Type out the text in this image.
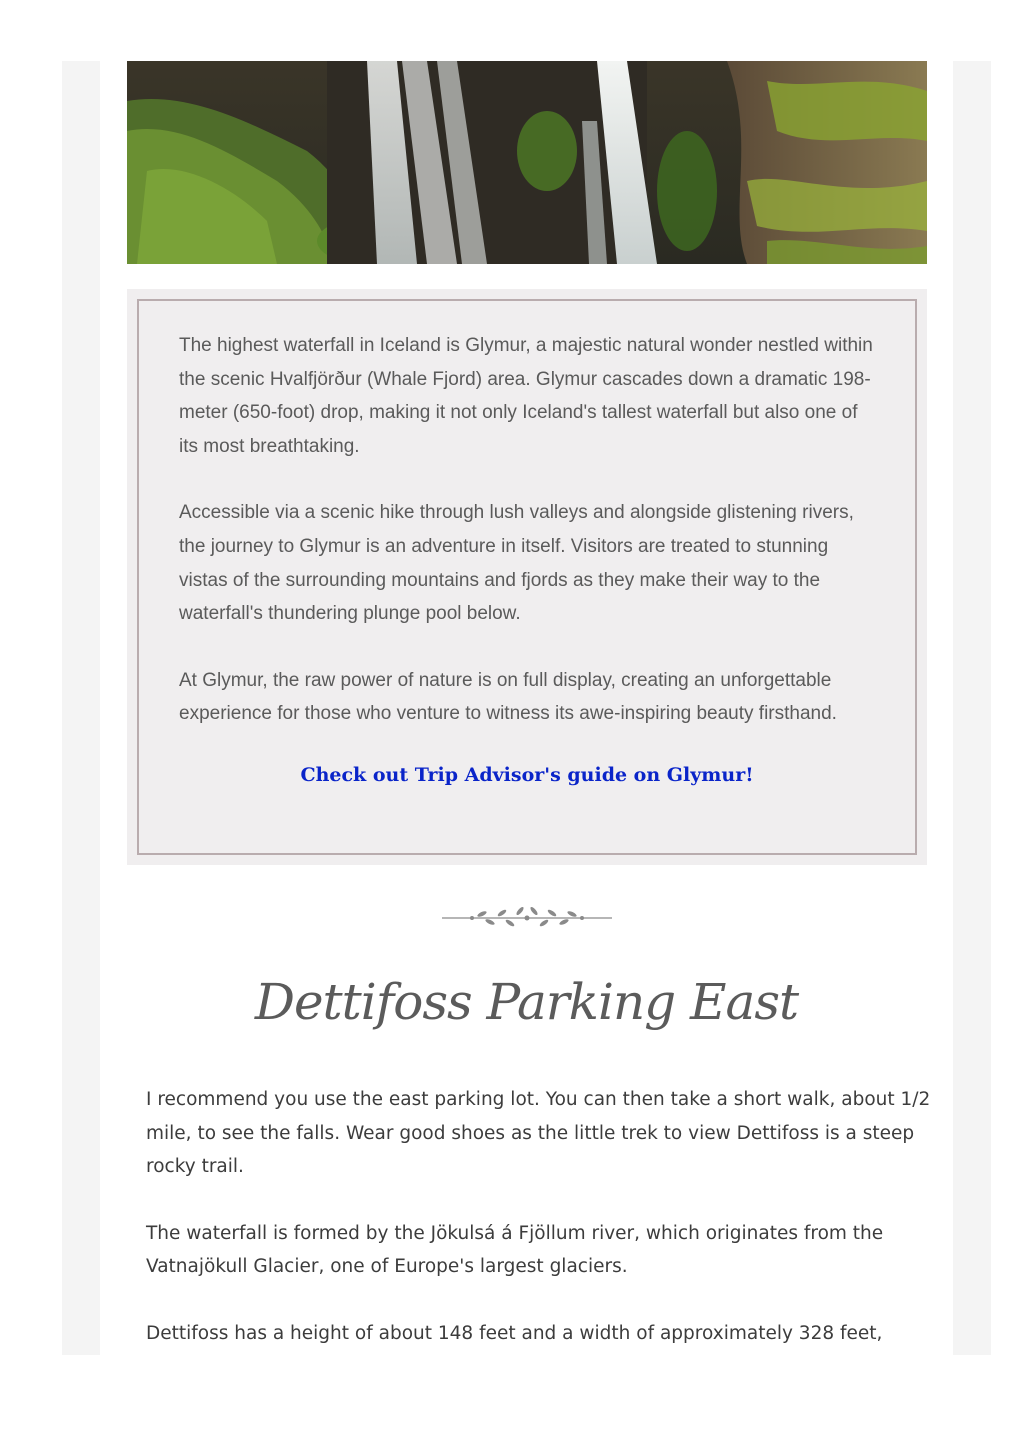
The highest waterfall in Iceland is Glymur, a majestic natural wonder nestled within the scenic Hvalfjörður (Whale Fjord) area. Glymur cascades down a dramatic 198-meter (650-foot) drop, making it not only Iceland's tallest waterfall but also one of its most breathtaking.

Accessible via a scenic hike through lush valleys and alongside glistening rivers, the journey to Glymur is an adventure in itself. Visitors are treated to stunning vistas of the surrounding mountains and fjords as they make their way to the waterfall's thundering plunge pool below.

At Glymur, the raw power of nature is on full display, creating an unforgettable experience for those who venture to witness its awe-inspiring beauty firsthand.

Check out Trip Advisor's guide on Glymur!
Dettifoss Parking East

I recommend you use the east parking lot. You can then take a short walk, about 1/2 mile, to see the falls. Wear good shoes as the little trek to view Dettifoss is a steep rocky trail.

The waterfall is formed by the Jökulsá á Fjöllum river, which originates from the Vatnajökull Glacier, one of Europe's largest glaciers.

Dettifoss has a height of about 148 feet and a width of approximately 328 feet,
